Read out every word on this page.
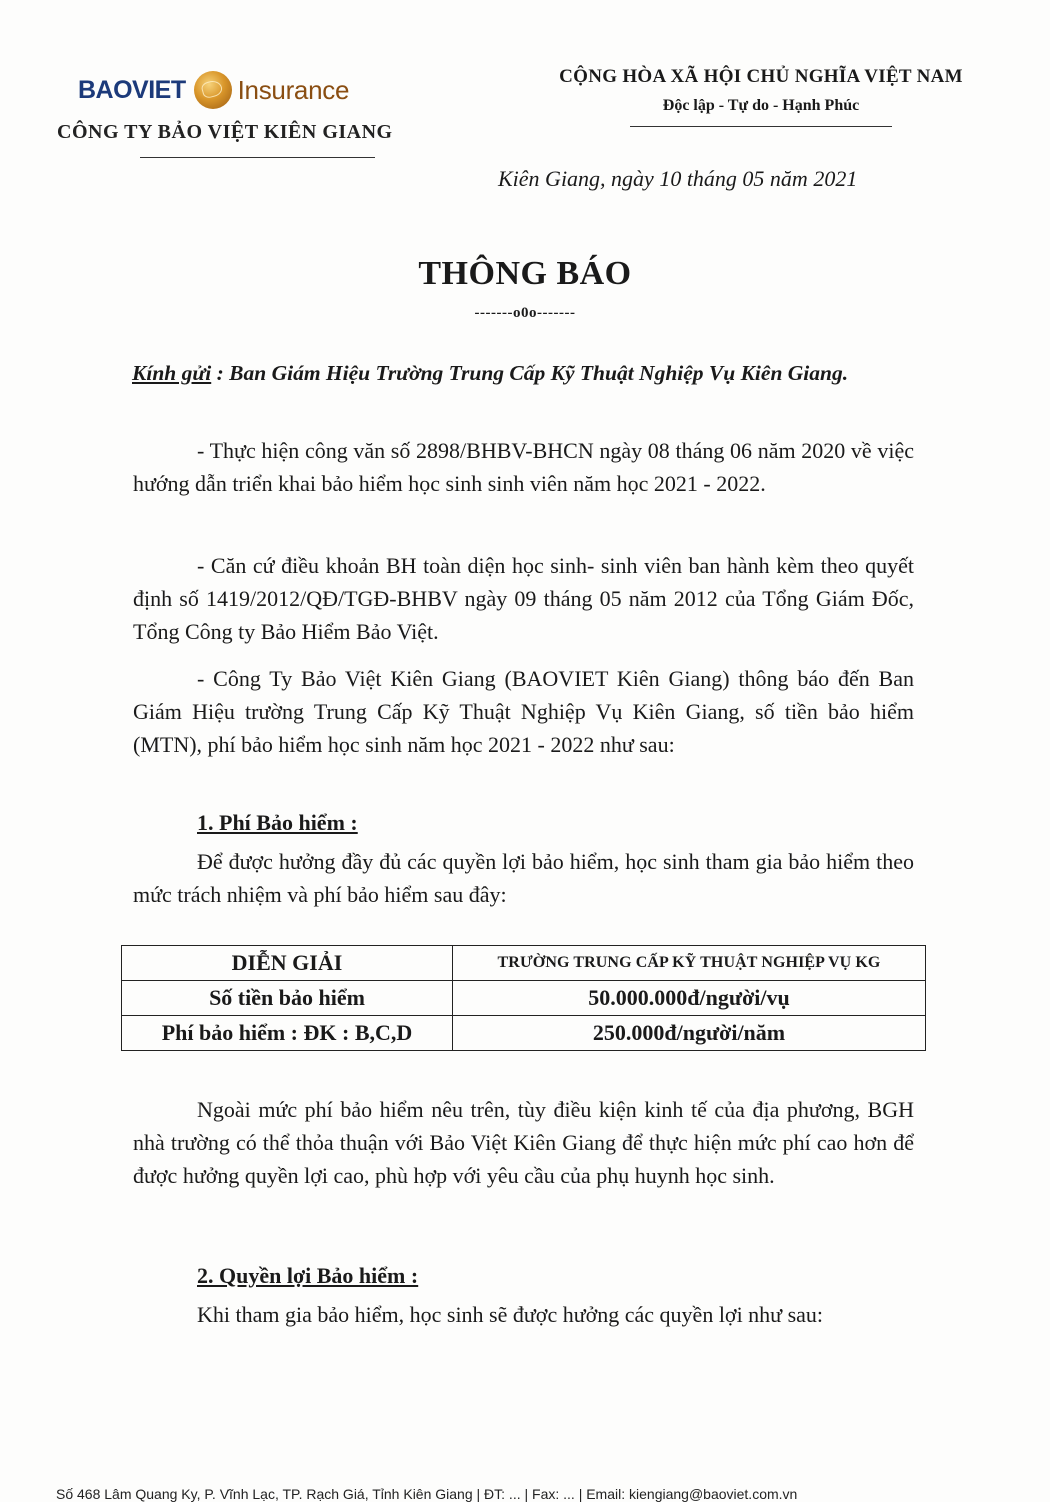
BAOVIET Insurance
CÔNG TY BẢO VIỆT KIÊN GIANG
CỘNG HÒA XÃ HỘI CHỦ NGHĨA VIỆT NAM
Độc lập - Tự do - Hạnh Phúc
Kiên Giang, ngày 10 tháng 05 năm 2021
THÔNG BÁO
-------o0o-------
Kính gửi : Ban Giám Hiệu Trường Trung Cấp Kỹ Thuật Nghiệp Vụ Kiên Giang.
- Thực hiện công văn số 2898/BHBV-BHCN ngày 08 tháng 06 năm 2020 về việc hướng dẫn triển khai bảo hiểm học sinh sinh viên năm học 2021 - 2022.
- Căn cứ điều khoản BH toàn diện học sinh- sinh viên ban hành kèm theo quyết định số 1419/2012/QĐ/TGĐ-BHBV ngày 09 tháng 05 năm 2012 của Tổng Giám Đốc, Tổng Công ty Bảo Hiểm Bảo Việt.
- Công Ty Bảo Việt Kiên Giang (BAOVIET Kiên Giang) thông báo đến Ban Giám Hiệu trường Trung Cấp Kỹ Thuật Nghiệp Vụ Kiên Giang, số tiền bảo hiểm (MTN), phí bảo hiểm học sinh năm học 2021 - 2022 như sau:
1. Phí Bảo hiểm :
Để được hưởng đầy đủ các quyền lợi bảo hiểm, học sinh tham gia bảo hiểm theo mức trách nhiệm và phí bảo hiểm sau đây:
DIỄN GIẢI	TRƯỜNG TRUNG CẤP KỸ THUẬT NGHIỆP VỤ KG
Số tiền bảo hiểm	50.000.000đ/người/vụ
Phí bảo hiểm : ĐK : B,C,D	250.000đ/người/năm
Ngoài mức phí bảo hiểm nêu trên, tùy điều kiện kinh tế của địa phương, BGH nhà trường có thể thỏa thuận với Bảo Việt Kiên Giang để thực hiện mức phí cao hơn để được hưởng quyền lợi cao, phù hợp với yêu cầu của phụ huynh học sinh.
2. Quyền lợi Bảo hiểm :
Khi tham gia bảo hiểm, học sinh sẽ được hưởng các quyền lợi như sau:
Số 468 Lâm Quang Ky, P. Vĩnh Lạc, TP. Rạch Giá, Tỉnh Kiên Giang | ĐT: ... | Fax: ... | Email: kiengiang@baoviet.com.vn
